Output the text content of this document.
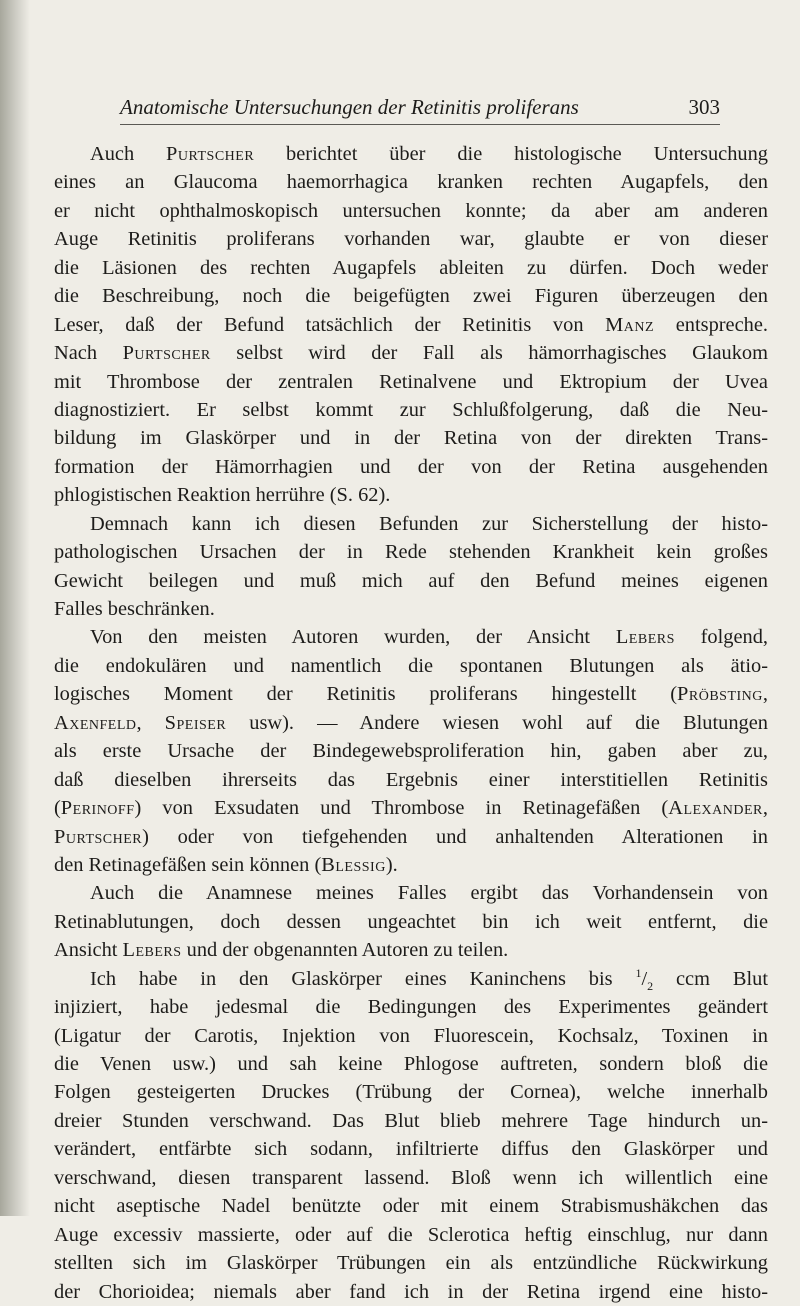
Anatomische Untersuchungen der Retinitis proliferans	303
Auch Purtscher berichtet über die histologische Untersuchung
eines an Glaucoma haemorrhagica kranken rechten Augapfels, den
er nicht ophthalmoskopisch untersuchen konnte; da aber am anderen
Auge Retinitis proliferans vorhanden war, glaubte er von dieser
die Läsionen des rechten Augapfels ableiten zu dürfen. Doch weder
die Beschreibung, noch die beigefügten zwei Figuren überzeugen den
Leser, daß der Befund tatsächlich der Retinitis von Manz entspreche.
Nach Purtscher selbst wird der Fall als hämorrhagisches Glaukom
mit Thrombose der zentralen Retinalvene und Ektropium der Uvea
diagnostiziert. Er selbst kommt zur Schlußfolgerung, daß die Neu-
bildung im Glaskörper und in der Retina von der direkten Trans-
formation der Hämorrhagien und der von der Retina ausgehenden
phlogistischen Reaktion herrühre (S. 62).
Demnach kann ich diesen Befunden zur Sicherstellung der histo-
pathologischen Ursachen der in Rede stehenden Krankheit kein großes
Gewicht beilegen und muß mich auf den Befund meines eigenen
Falles beschränken.
Von den meisten Autoren wurden, der Ansicht Lebers folgend,
die endokulären und namentlich die spontanen Blutungen als ätio-
logisches Moment der Retinitis proliferans hingestellt (Pröbsting,
Axenfeld, Speiser usw). — Andere wiesen wohl auf die Blutungen
als erste Ursache der Bindegewebsproliferation hin, gaben aber zu,
daß dieselben ihrerseits das Ergebnis einer interstitiellen Retinitis
(Perinoff) von Exsudaten und Thrombose in Retinagefäßen (Alexander,
Purtscher) oder von tiefgehenden und anhaltenden Alterationen in
den Retinagefäßen sein können (Blessig).
Auch die Anamnese meines Falles ergibt das Vorhandensein von
Retinablutungen, doch dessen ungeachtet bin ich weit entfernt, die
Ansicht Lebers und der obgenannten Autoren zu teilen.
Ich habe in den Glaskörper eines Kaninchens bis $^1/_2$ ccm Blut
injiziert, habe jedesmal die Bedingungen des Experimentes geändert
(Ligatur der Carotis, Injektion von Fluorescein, Kochsalz, Toxinen in
die Venen usw.) und sah keine Phlogose auftreten, sondern bloß die
Folgen gesteigerten Druckes (Trübung der Cornea), welche innerhalb
dreier Stunden verschwand. Das Blut blieb mehrere Tage hindurch un-
verändert, entfärbte sich sodann, infiltrierte diffus den Glaskörper und
verschwand, diesen transparent lassend. Bloß wenn ich willentlich eine
nicht aseptische Nadel benützte oder mit einem Strabismushäkchen das
Auge excessiv massierte, oder auf die Sclerotica heftig einschlug, nur dann
stellten sich im Glaskörper Trübungen ein als entzündliche Rückwirkung
der Chorioidea; niemals aber fand ich in der Retina irgend eine histo-
